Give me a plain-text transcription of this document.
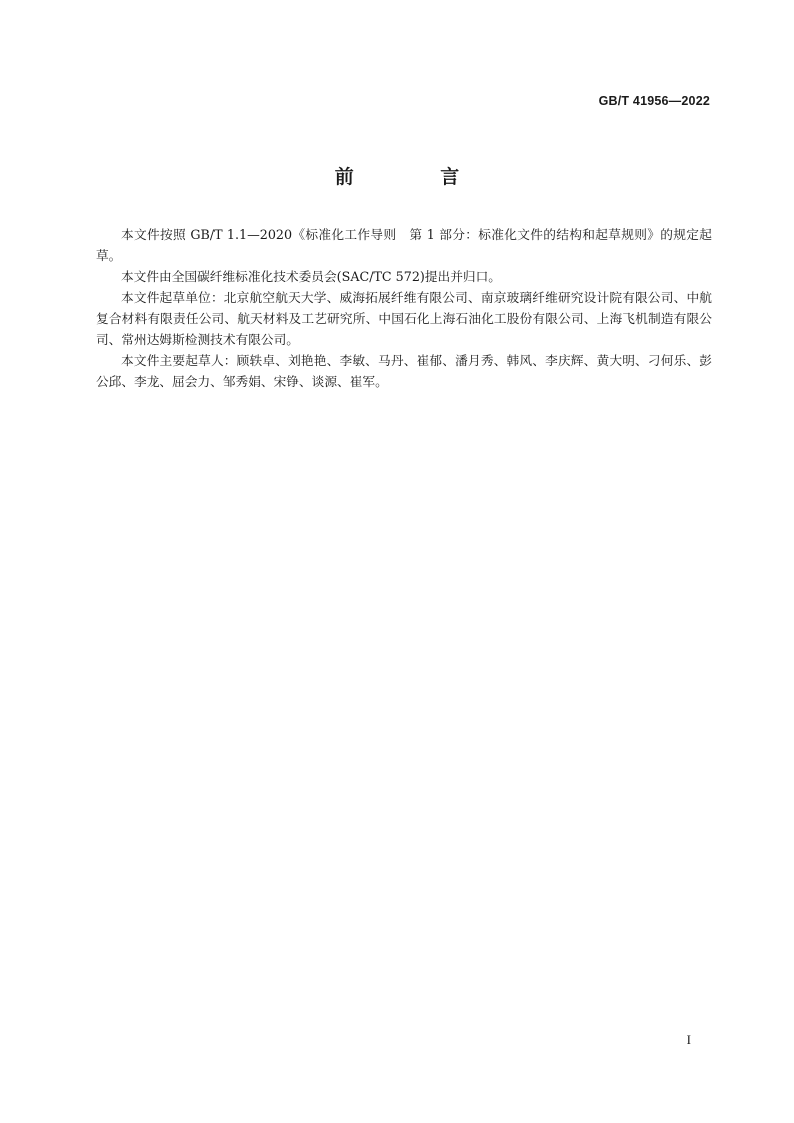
GB/T 41956—2022
前 言

本文件按照 GB/T 1.1—2020《标准化工作导则　第 1 部分：标准化文件的结构和起草规则》的规定起草。

本文件由全国碳纤维标准化技术委员会(SAC/TC 572)提出并归口。

本文件起草单位：北京航空航天大学、威海拓展纤维有限公司、南京玻璃纤维研究设计院有限公司、中航复合材料有限责任公司、航天材料及工艺研究所、中国石化上海石油化工股份有限公司、上海飞机制造有限公司、常州达姆斯检测技术有限公司。

本文件主要起草人：顾轶卓、刘艳艳、李敏、马丹、崔郁、潘月秀、韩风、李庆辉、黄大明、刁何乐、彭公邱、李龙、屈会力、邹秀娟、宋铮、谈源、崔军。

I
